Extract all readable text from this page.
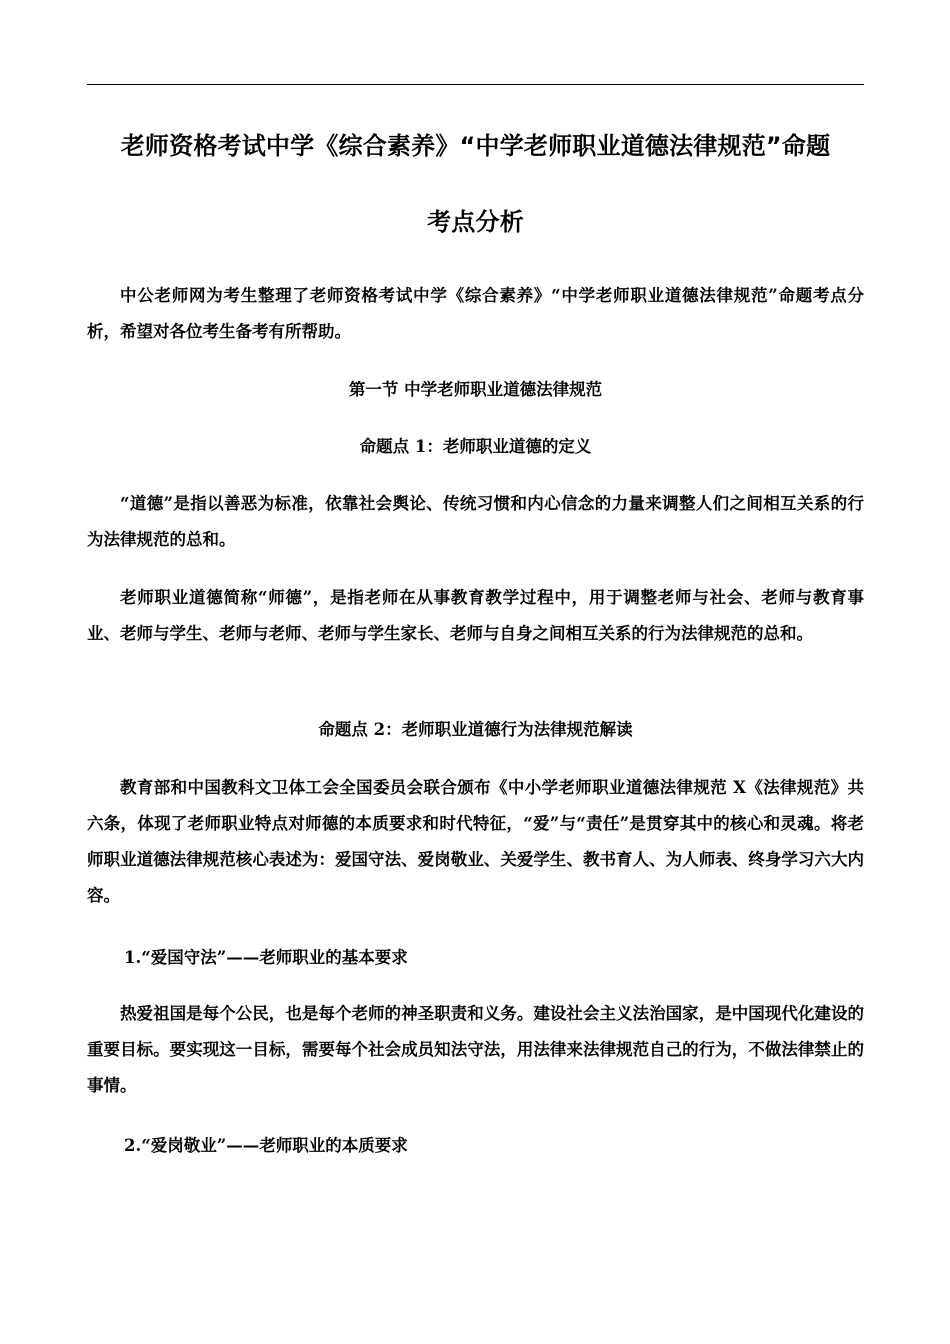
老师资格考试中学《综合素养》“中学老师职业道德法律规范”命题
考点分析
中公老师网为考生整理了老师资格考试中学《综合素养》“中学老师职业道德法律规范”命题考点分析，希望对各位考生备考有所帮助。
第一节 中学老师职业道德法律规范
命题点 1：老师职业道德的定义
“道德”是指以善恶为标准，依靠社会舆论、传统习惯和内心信念的力量来调整人们之间相互关系的行为法律规范的总和。
老师职业道德简称“师德”，是指老师在从事教育教学过程中，用于调整老师与社会、老师与教育事业、老师与学生、老师与老师、老师与学生家长、老师与自身之间相互关系的行为法律规范的总和。
命题点 2：老师职业道德行为法律规范解读
教育部和中国教科文卫体工会全国委员会联合颁布《中小学老师职业道德法律规范 X《法律规范》共六条，体现了老师职业特点对师德的本质要求和时代特征，“爱”与“责任”是贯穿其中的核心和灵魂。将老师职业道德法律规范核心表述为：爱国守法、爱岗敬业、关爱学生、教书育人、为人师表、终身学习六大内容。
1.“爱国守法”——老师职业的基本要求
热爱祖国是每个公民，也是每个老师的神圣职责和义务。建设社会主义法治国家，是中国现代化建设的重要目标。要实现这一目标，需要每个社会成员知法守法，用法律来法律规范自己的行为，不做法律禁止的事情。
2.“爱岗敬业”——老师职业的本质要求
